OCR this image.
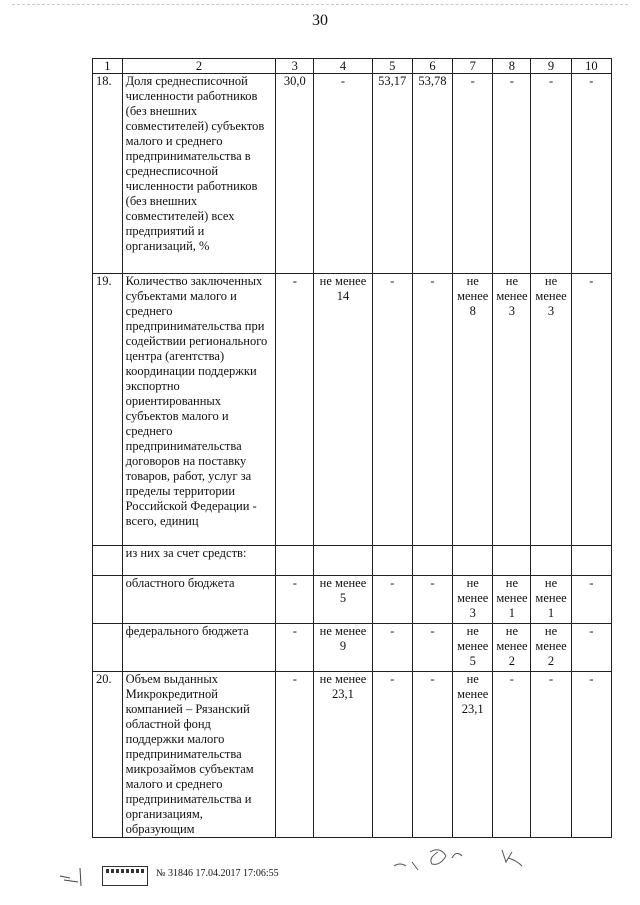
30
1	2	3	4	5	6	7	8	9	10
18.	Доля среднесписочной численности работников (без внешних совместителей) субъектов малого и среднего предпринимательства в среднесписочной численности работников (без внешних совместителей) всех предприятий и организаций, %	30,0	-	53,17	53,78	-	-	-	-
19.	Количество заключенных субъектами малого и среднего предпринимательства при содействии регионального центра (агентства) координации поддержки экспортно ориентированных субъектов малого и среднего предпринимательства договоров на поставку товаров, работ, услуг за пределы территории Российской Федерации - всего, единиц	-	не менее 14	-	-	не менее 8	не менее 3	не менее 3	-
	из них за счет средств:								
	областного бюджета	-	не менее 5	-	-	не менее 3	не менее 1	не менее 1	-
	федерального бюджета	-	не менее 9	-	-	не менее 5	не менее 2	не менее 2	-
20.	Объем выданных Микрокредитной компанией – Рязанский областной фонд поддержки малого предпринимательства микрозаймов субъектам малого и среднего предпринимательства и организациям, образующим	-	не менее 23,1	-	-	не менее 23,1	-	-	-
№ 31846 17.04.2017 17:06:55
